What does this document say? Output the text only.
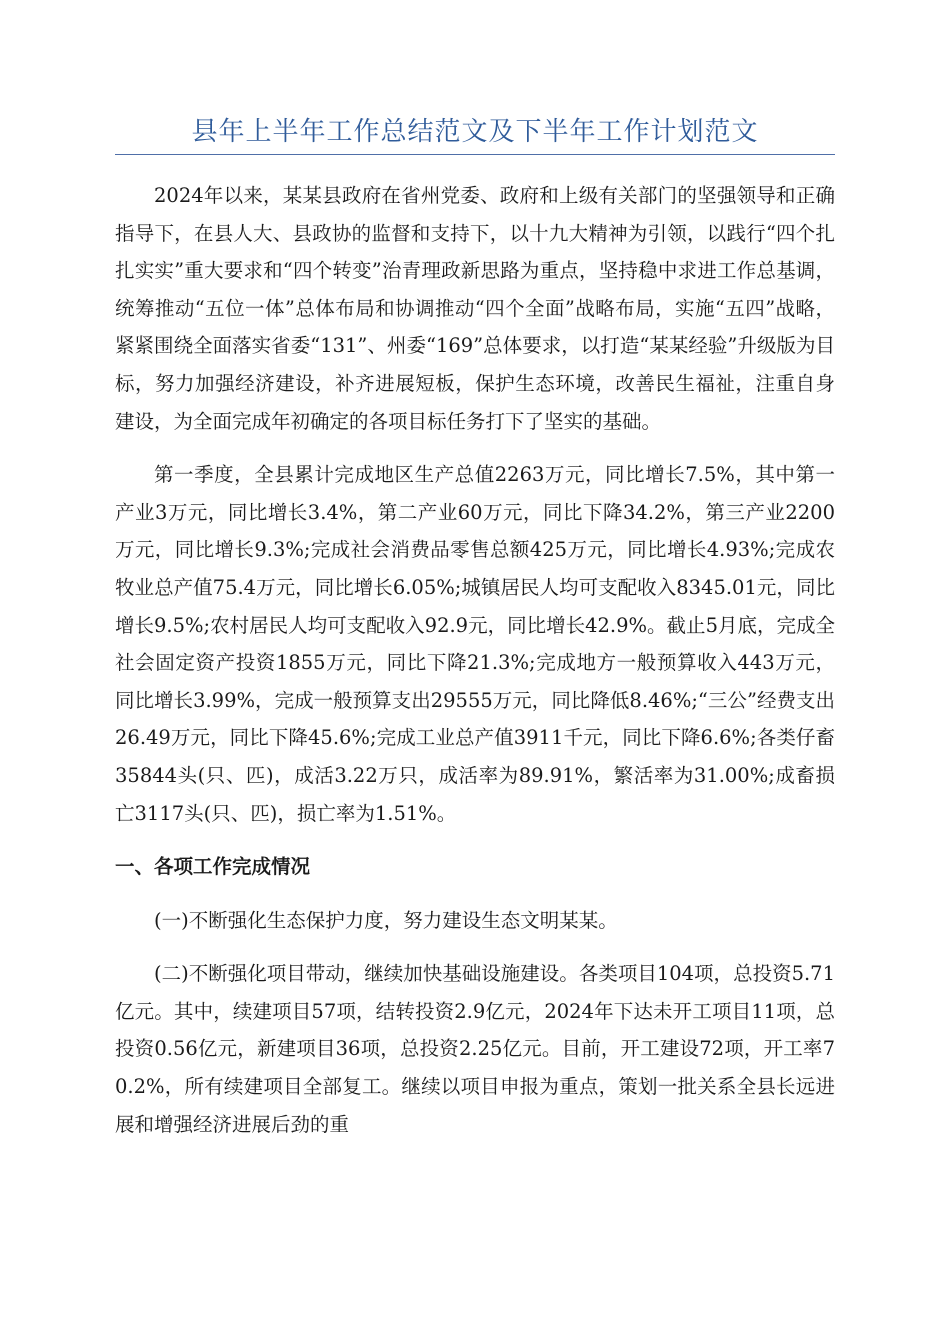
县年上半年工作总结范文及下半年工作计划范文

2024年以来，某某县政府在省州党委、政府和上级有关部门的坚强领导和正确指导下，在县人大、县政协的监督和支持下，以十九大精神为引领，以践行“四个扎扎实实”重大要求和“四个转变”治青理政新思路为重点，坚持稳中求进工作总基调，统筹推动“五位一体”总体布局和协调推动“四个全面”战略布局，实施“五四”战略，紧紧围绕全面落实省委“131”、州委“169”总体要求，以打造“某某经验”升级版为目标，努力加强经济建设，补齐进展短板，保护生态环境，改善民生福祉，注重自身建设，为全面完成年初确定的各项目标任务打下了坚实的基础。

第一季度，全县累计完成地区生产总值2263万元，同比增长7.5%，其中第一产业3万元，同比增长3.4%，第二产业60万元，同比下降34.2%，第三产业2200万元，同比增长9.3%;完成社会消费品零售总额425万元，同比增长4.93%;完成农牧业总产值75.4万元，同比增长6.05%;城镇居民人均可支配收入8345.01元，同比增长9.5%;农村居民人均可支配收入92.9元，同比增长42.9%。截止5月底，完成全社会固定资产投资1855万元，同比下降21.3%;完成地方一般预算收入443万元，同比增长3.99%，完成一般预算支出29555万元，同比降低8.46%;“三公”经费支出26.49万元，同比下降45.6%;完成工业总产值3911千元，同比下降6.6%;各类仔畜35844头(只、匹)，成活3.22万只，成活率为89.91%，繁活率为31.00%;成畜损亡3117头(只、匹)，损亡率为1.51%。

一、各项工作完成情况

(一)不断强化生态保护力度，努力建设生态文明某某。

(二)不断强化项目带动，继续加快基础设施建设。各类项目104项，总投资5.71亿元。其中，续建项目57项，结转投资2.9亿元，2024年下达未开工项目11项，总投资0.56亿元，新建项目36项，总投资2.25亿元。目前，开工建设72项，开工率70.2%，所有续建项目全部复工。继续以项目申报为重点，策划一批关系全县长远进展和增强经济进展后劲的重
